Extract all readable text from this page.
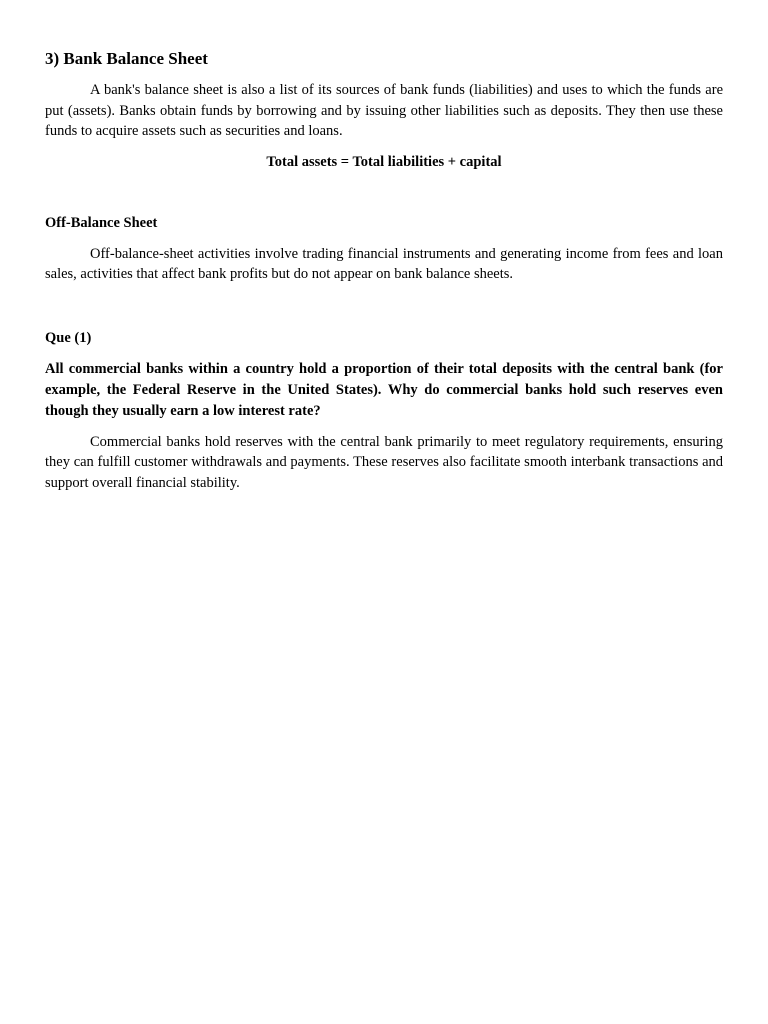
3) Bank Balance Sheet

A bank's balance sheet is also a list of its sources of bank funds (liabilities) and uses to which the funds are put (assets). Banks obtain funds by borrowing and by issuing other liabilities such as deposits. They then use these funds to acquire assets such as securities and loans.

Total assets = Total liabilities + capital

Off-Balance Sheet

Off-balance-sheet activities involve trading financial instruments and generating income from fees and loan sales, activities that affect bank profits but do not appear on bank balance sheets.

Que (1)

All commercial banks within a country hold a proportion of their total deposits with the central bank (for example, the Federal Reserve in the United States). Why do commercial banks hold such reserves even though they usually earn a low interest rate?

Commercial banks hold reserves with the central bank primarily to meet regulatory requirements, ensuring they can fulfill customer withdrawals and payments. These reserves also facilitate smooth interbank transactions and support overall financial stability.
